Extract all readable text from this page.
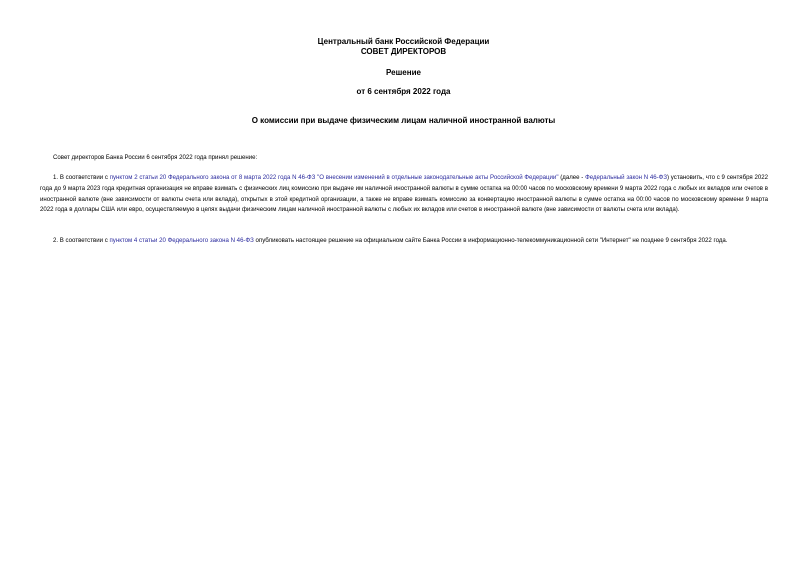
Центральный банк Российской Федерации
СОВЕТ ДИРЕКТОРОВ
Решение
от 6 сентября 2022 года
О комиссии при выдаче физическим лицам наличной иностранной валюты

Совет директоров Банка России 6 сентября 2022 года принял решение:

1. В соответствии с пунктом 2 статьи 20 Федерального закона от 8 марта 2022 года N 46-ФЗ "О внесении изменений в отдельные законодательные акты Российской Федерации" (далее - Федеральный закон N 46-ФЗ) установить, что с 9 сентября 2022 года до 9 марта 2023 года кредитная организация не вправе взимать с физических лиц комиссию при выдаче им наличной иностранной валюты в сумме остатка на 00:00 часов по московскому времени 9 марта 2022 года с любых их вкладов или счетов в иностранной валюте (вне зависимости от валюты счета или вклада), открытых в этой кредитной организации, а также не вправе взимать комиссию за конвертацию иностранной валюты в сумме остатка на 00:00 часов по московскому времени 9 марта 2022 года в доллары США или евро, осуществляемую в целях выдачи физическим лицам наличной иностранной валюты с любых их вкладов или счетов в иностранной валюте (вне зависимости от валюты счета или вклада).

2. В соответствии с пунктом 4 статьи 20 Федерального закона N 46-ФЗ опубликовать настоящее решение на официальном сайте Банка России в информационно-телекоммуникационной сети "Интернет" не позднее 9 сентября 2022 года.
